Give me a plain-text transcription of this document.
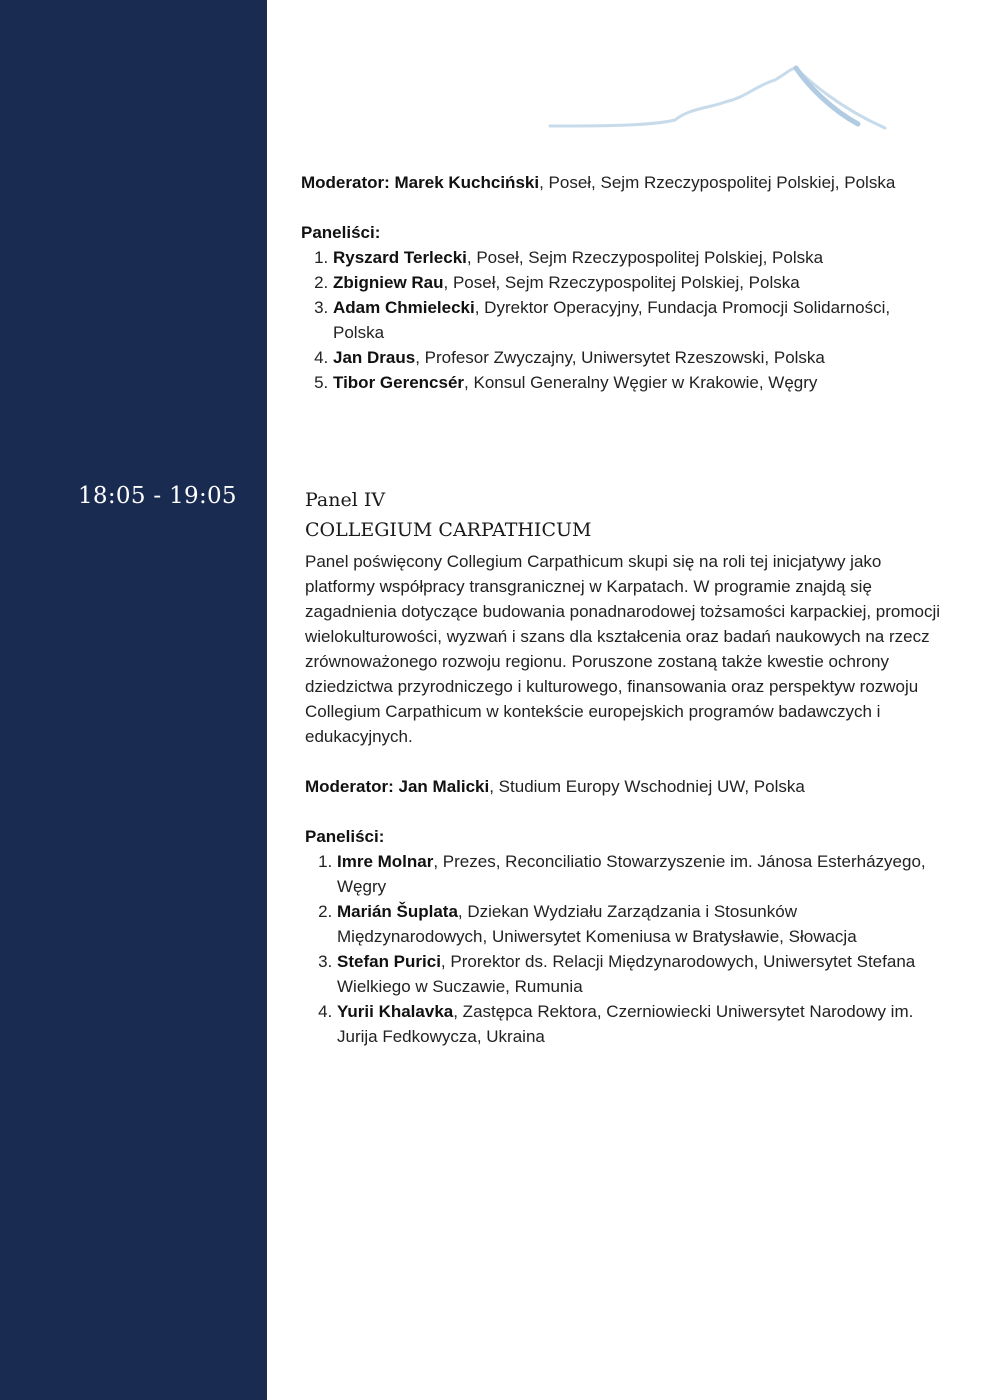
18:05 - 19:05

Moderator: Marek Kuchciński, Poseł, Sejm Rzeczypospolitej Polskiej, Polska

Paneliści:

1. Ryszard Terlecki, Poseł, Sejm Rzeczypospolitej Polskiej, Polska
2. Zbigniew Rau, Poseł, Sejm Rzeczypospolitej Polskiej, Polska
3. Adam Chmielecki, Dyrektor Operacyjny, Fundacja Promocji Solidarności, Polska
4. Jan Draus, Profesor Zwyczajny, Uniwersytet Rzeszowski, Polska
5. Tibor Gerencsér, Konsul Generalny Węgier w Krakowie, Węgry
Panel IV
COLLEGIUM CARPATHICUM

Panel poświęcony Collegium Carpathicum skupi się na roli tej inicjatywy jako platformy współpracy transgranicznej w Karpatach. W programie znajdą się zagadnienia dotyczące budowania ponadnarodowej tożsamości karpackiej, promocji wielokulturowości, wyzwań i szans dla kształcenia oraz badań naukowych na rzecz zrównoważonego rozwoju regionu. Poruszone zostaną także kwestie ochrony dziedzictwa przyrodniczego i kulturowego, finansowania oraz perspektyw rozwoju Collegium Carpathicum w kontekście europejskich programów badawczych i edukacyjnych.

Moderator: Jan Malicki, Studium Europy Wschodniej UW, Polska

Paneliści:

1. Imre Molnar, Prezes, Reconciliatio Stowarzyszenie im. Jánosa Esterházyego, Węgry
2. Marián Šuplata, Dziekan Wydziału Zarządzania i Stosunków Międzynarodowych, Uniwersytet Komeniusa w Bratysławie, Słowacja
3. Stefan Purici, Prorektor ds. Relacji Międzynarodowych, Uniwersytet Stefana Wielkiego w Suczawie, Rumunia
4. Yurii Khalavka, Zastępca Rektora, Czerniowiecki Uniwersytet Narodowy im. Jurija Fedkowycza, Ukraina
